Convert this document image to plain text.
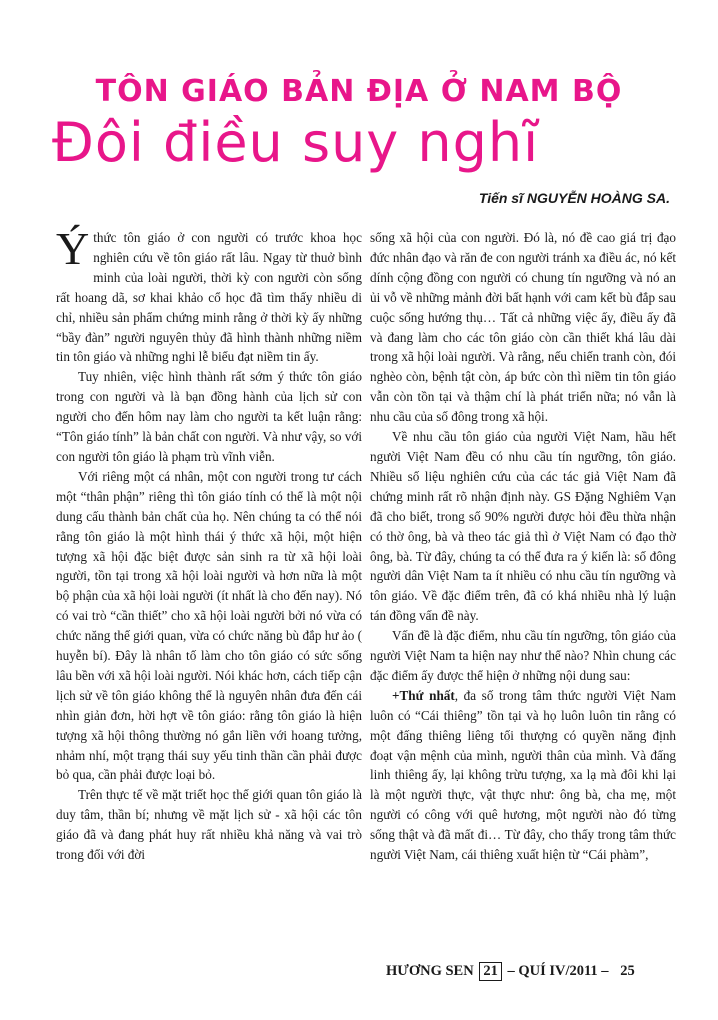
TÔN GIÁO BẢN ĐỊA Ở NAM BỘ
Đôi điều suy nghĩ
Tiến sĩ NGUYỄN HOÀNG SA.

Ýthức tôn giáo ở con người có trước khoa học nghiên cứu về tôn giáo rất lâu. Ngay từ thuở bình minh của loài người, thời kỳ con người còn sống rất hoang dã, sơ khai khảo cổ học đã tìm thấy nhiều di chỉ, nhiều sản phẩm chứng minh rằng ở thời kỳ ấy những “bầy đàn” người nguyên thủy đã hình thành những niềm tin tôn giáo và những nghi lễ biểu đạt niềm tin ấy.

Tuy nhiên, việc hình thành rất sớm ý thức tôn giáo trong con người và là bạn đồng hành của lịch sử con người cho đến hôm nay làm cho người ta kết luận rằng: “Tôn giáo tính” là bản chất con người. Và như vậy, so với con người tôn giáo là phạm trù vĩnh viễn.

Với riêng một cá nhân, một con người trong tư cách một “thân phận” riêng thì tôn giáo tính có thể là một nội dung cấu thành bản chất của họ. Nên chúng ta có thể nói rằng tôn giáo là một hình thái ý thức xã hội, một hiện tượng xã hội đặc biệt được sản sinh ra từ xã hội loài người, tồn tại trong xã hội loài người và hơn nữa là một bộ phận của xã hội loài người (ít nhất là cho đến nay). Nó có vai trò “cần thiết” cho xã hội loài người bởi nó vừa có chức năng thế giới quan, vừa có chức năng bù đắp hư ảo ( huyễn bí). Đây là nhân tố làm cho tôn giáo có sức sống lâu bền với xã hội loài người. Nói khác hơn, cách tiếp cận lịch sử về tôn giáo không thể là nguyên nhân đưa đến cái nhìn giản đơn, hời hợt về tôn giáo: rằng tôn giáo là hiện tượng xã hội thông thường nó gắn liền với hoang tưởng, nhảm nhí, một trạng thái suy yếu tinh thần cần phải được bỏ qua, cần phải được loại bỏ.

Trên thực tế về mặt triết học thế giới quan tôn giáo là duy tâm, thần bí; nhưng về mặt lịch sử - xã hội các tôn giáo đã và đang phát huy rất nhiều khả năng và vai trò trong đối với đời

sống xã hội của con người. Đó là, nó đề cao giá trị đạo đức nhân đạo và răn đe con người tránh xa điều ác, nó kết dính cộng đồng con người có chung tín ngưỡng và nó an ủi vỗ về những mảnh đời bất hạnh với cam kết bù đắp sau cuộc sống hướng thụ… Tất cả những việc ấy, điều ấy đã và đang làm cho các tôn giáo còn cần thiết khá lâu dài trong xã hội loài người. Và rằng, nếu chiến tranh còn, đói nghèo còn, bệnh tật còn, áp bức còn thì niềm tin tôn giáo vẫn còn tồn tại và thậm chí là phát triển nữa; nó vẫn là nhu cầu của số đông trong xã hội.

Về nhu cầu tôn giáo của người Việt Nam, hầu hết người Việt Nam đều có nhu cầu tín ngưỡng, tôn giáo. Nhiều số liệu nghiên cứu của các tác giả Việt Nam đã chứng minh rất rõ nhận định này. GS Đặng Nghiêm Vạn đã cho biết, trong số 90% người được hỏi đều thừa nhận có thờ ông, bà và theo tác giả thì ở Việt Nam có đạo thờ ông, bà. Từ đây, chúng ta có thể đưa ra ý kiến là: số đông người dân Việt Nam ta ít nhiều có nhu cầu tín ngưỡng và tôn giáo. Về đặc điểm trên, đã có khá nhiều nhà lý luận tán đồng vấn đề này.

Vấn đề là đặc điểm, nhu cầu tín ngưỡng, tôn giáo của người Việt Nam ta hiện nay như thế nào? Nhìn chung các đặc điểm ấy được thể hiện ở những nội dung sau:

+Thứ nhất, đa số trong tâm thức người Việt Nam luôn có “Cái thiêng” tồn tại và họ luôn luôn tin rằng có một đấng thiêng liêng tối thượng có quyền năng định đoạt vận mệnh của mình, người thân của mình. Và đấng linh thiêng ấy, lại không trừu tượng, xa lạ mà đôi khi lại là một người thực, vật thực như: ông bà, cha mẹ, một người có công với quê hương, một người nào đó từng sống thật và đã mất đi… Từ đây, cho thấy trong tâm thức người Việt Nam, cái thiêng xuất hiện từ “Cái phàm”,

HƯƠNG SEN 21 – QUÍ IV/2011 – 25
